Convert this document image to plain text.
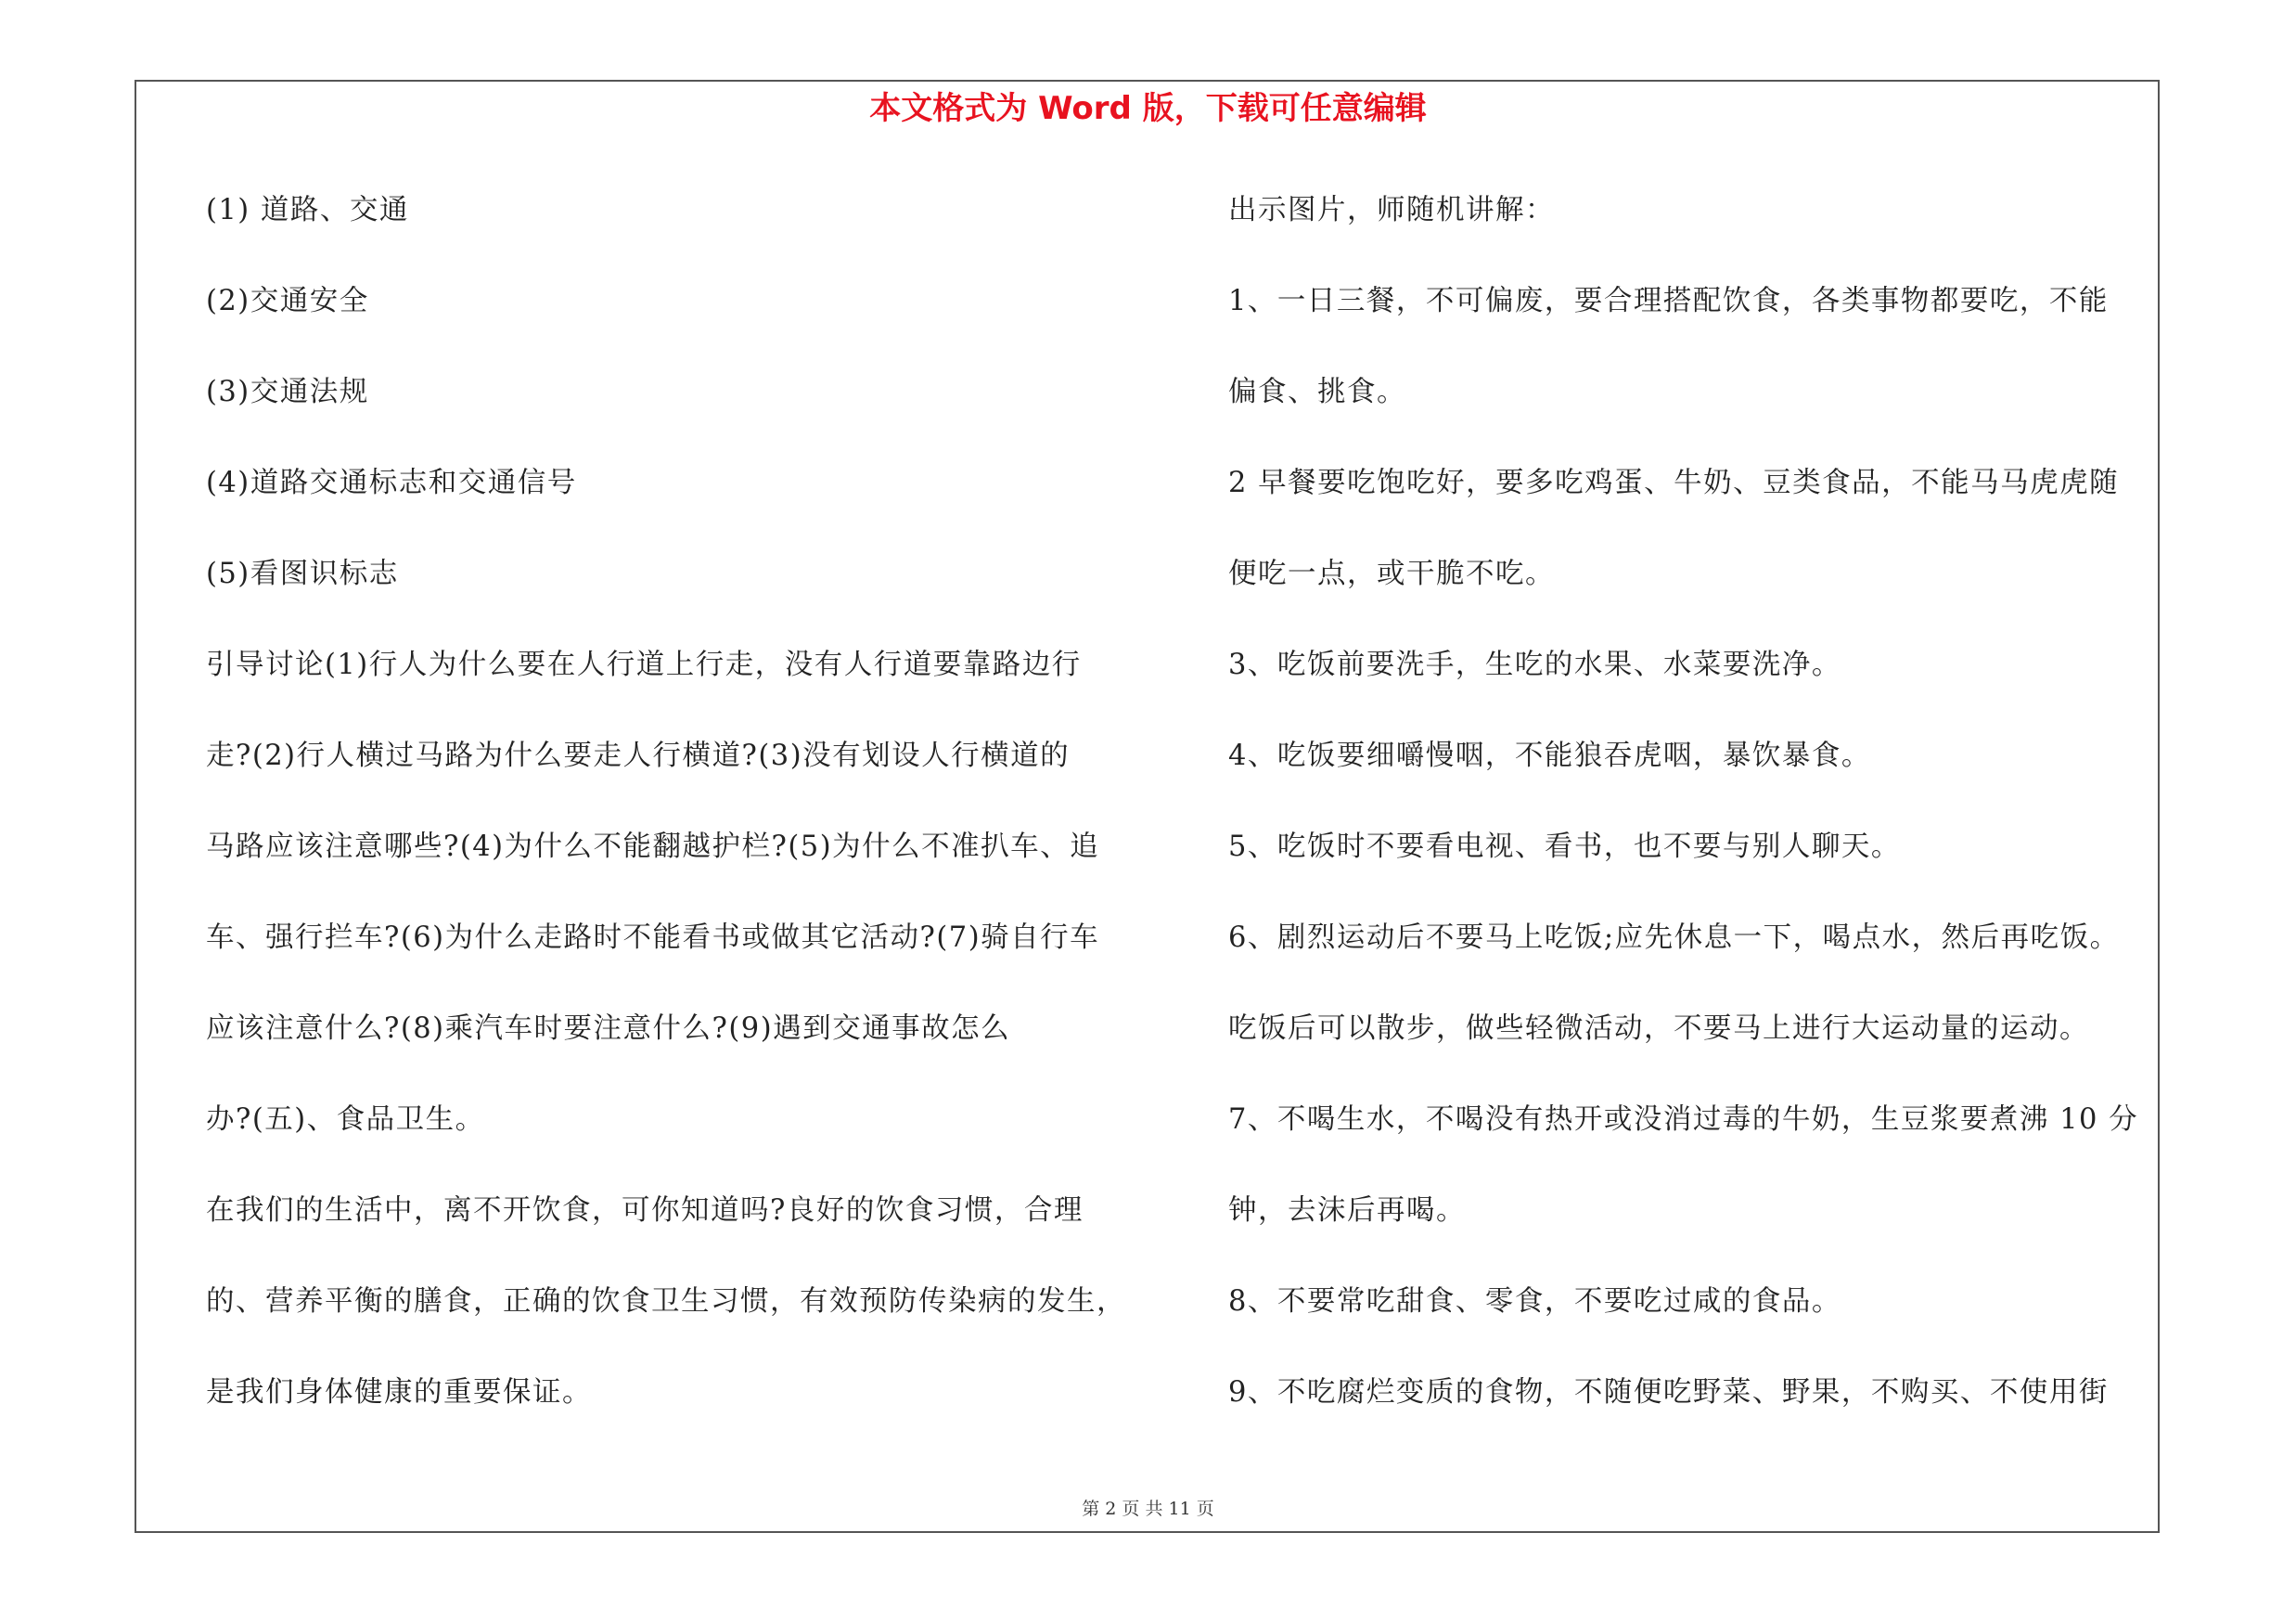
本文格式为 Word 版，下载可任意编辑
(1) 道路、交通
(2)交通安全
(3)交通法规
(4)道路交通标志和交通信号
(5)看图识标志
引导讨论(1)行人为什么要在人行道上行走，没有人行道要靠路边行
走?(2)行人横过马路为什么要走人行横道?(3)没有划设人行横道的
马路应该注意哪些?(4)为什么不能翻越护栏?(5)为什么不准扒车、追
车、强行拦车?(6)为什么走路时不能看书或做其它活动?(7)骑自行车
应该注意什么?(8)乘汽车时要注意什么?(9)遇到交通事故怎么
办?(五)、食品卫生。
在我们的生活中，离不开饮食，可你知道吗?良好的饮食习惯，合理
的、营养平衡的膳食，正确的饮食卫生习惯，有效预防传染病的发生，
是我们身体健康的重要保证。
出示图片，师随机讲解：
1、一日三餐，不可偏废，要合理搭配饮食，各类事物都要吃，不能
偏食、挑食。
2 早餐要吃饱吃好，要多吃鸡蛋、牛奶、豆类食品，不能马马虎虎随
便吃一点，或干脆不吃。
3、吃饭前要洗手，生吃的水果、水菜要洗净。
4、吃饭要细嚼慢咽，不能狼吞虎咽，暴饮暴食。
5、吃饭时不要看电视、看书，也不要与别人聊天。
6、剧烈运动后不要马上吃饭;应先休息一下，喝点水，然后再吃饭。
吃饭后可以散步，做些轻微活动，不要马上进行大运动量的运动。
7、不喝生水，不喝没有热开或没消过毒的牛奶，生豆浆要煮沸 10 分
钟，去沫后再喝。
8、不要常吃甜食、零食，不要吃过咸的食品。
9、不吃腐烂变质的食物，不随便吃野菜、野果，不购买、不使用街
第 2 页 共 11 页
